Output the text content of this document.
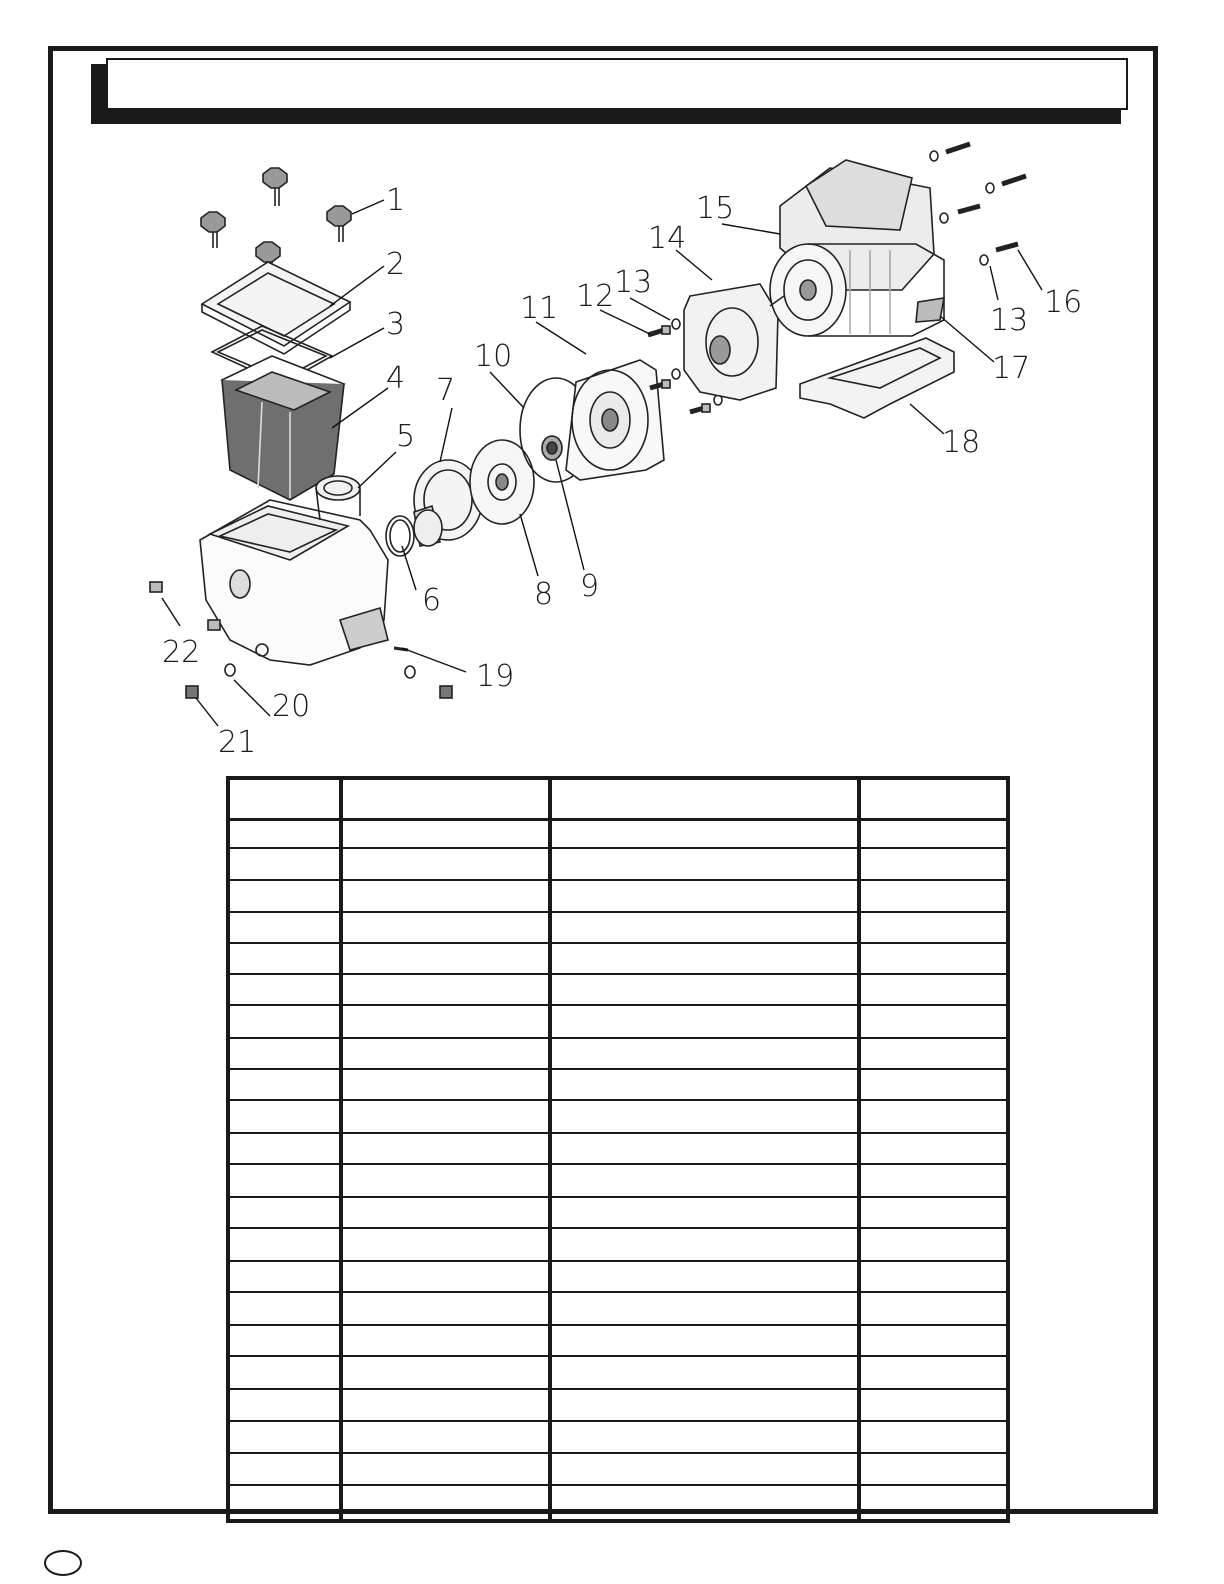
1
2
3
4
5
6
7
8 9
10
11 12 13
14
15
16
13
17
18
19
20
21
22
